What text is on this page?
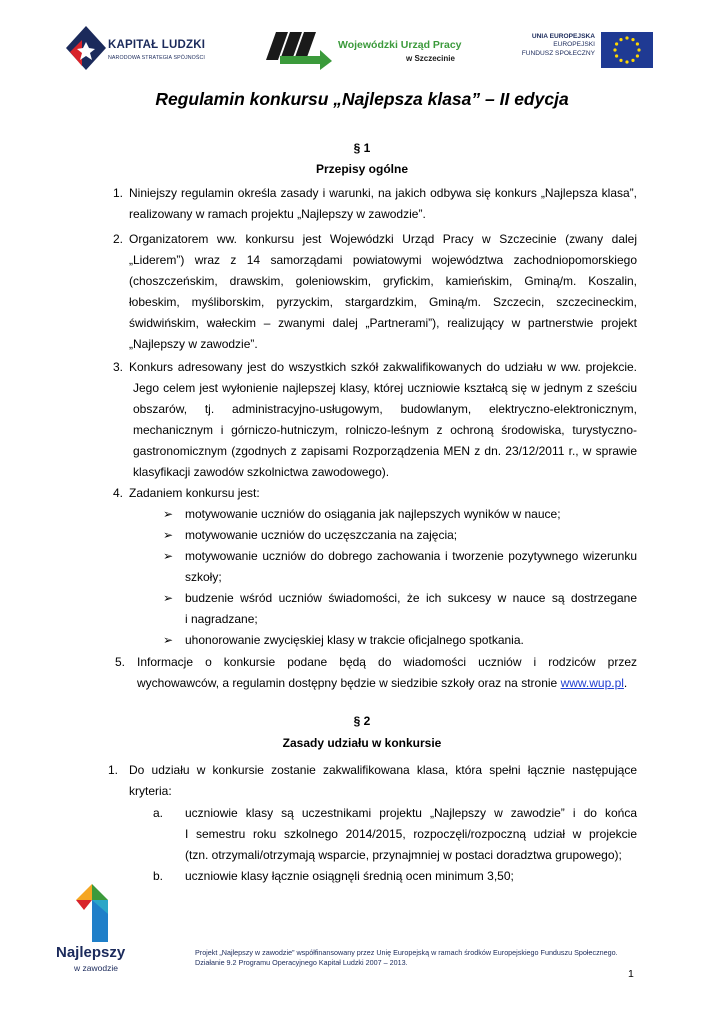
KAPITAŁ LUDZKI
NARODOWA STRATEGIA SPÓJNOŚCI
Wojewódzki Urząd Pracy
w Szczecinie
UNIA EUROPEJSKA
EUROPEJSKI
FUNDUSZ SPOŁECZNY
Regulamin konkursu „Najlepsza klasa” – II edycja
§ 1
Przepisy ogólne
1. Niniejszy regulamin określa zasady i warunki, na jakich odbywa się konkurs „Najlepsza klasa”,
realizowany w ramach projektu „Najlepszy w zawodzie”.
2. Organizatorem ww. konkursu jest Wojewódzki Urząd Pracy w Szczecinie (zwany dalej
„Liderem”) wraz z 14 samorządami powiatowymi województwa zachodniopomorskiego
(choszczeńskim, drawskim, goleniowskim, gryfickim, kamieńskim, Gminą/m. Koszalin,
łobeskim, myśliborskim, pyrzyckim, stargardzkim, Gminą/m. Szczecin, szczecineckim,
świdwińskim, wałeckim – zwanymi dalej „Partnerami”), realizujący w partnerstwie projekt
„Najlepszy w zawodzie”.
3. Konkurs adresowany jest do wszystkich szkół zakwalifikowanych do udziału w ww. projekcie.
Jego celem jest wyłonienie najlepszej klasy, której uczniowie kształcą się w jednym z sześciu
obszarów, tj. administracyjno-usługowym, budowlanym, elektryczno-elektronicznym,
mechanicznym i górniczo-hutniczym, rolniczo-leśnym z ochroną środowiska, turystyczno-
gastronomicznym (zgodnych z zapisami Rozporządzenia MEN z dn. 23/12/2011 r., w sprawie
klasyfikacji zawodów szkolnictwa zawodowego).
4. Zadaniem konkursu jest:
➢ motywowanie uczniów do osiągania jak najlepszych wyników w nauce;
➢ motywowanie uczniów do uczęszczania na zajęcia;
➢ motywowanie uczniów do dobrego zachowania i tworzenie pozytywnego wizerunku
szkoły;
➢ budzenie wśród uczniów świadomości, że ich sukcesy w nauce są dostrzegane
i nagradzane;
➢ uhonorowanie zwycięskiej klasy w trakcie oficjalnego spotkania.
5. Informacje o konkursie podane będą do wiadomości uczniów i rodziców przez
wychowawców, a regulamin dostępny będzie w siedzibie szkoły oraz na stronie www.wup.pl.
§ 2
Zasady udziału w konkursie
1. Do udziału w konkursie zostanie zakwalifikowana klasa, która spełni łącznie następujące
kryteria:
a. uczniowie klasy są uczestnikami projektu „Najlepszy w zawodzie” i do końca
I semestru roku szkolnego 2014/2015, rozpoczęli/rozpoczną udział w projekcie
(tzn. otrzymali/otrzymają wsparcie, przynajmniej w postaci doradztwa grupowego);
b. uczniowie klasy łącznie osiągnęli średnią ocen minimum 3,50;
Najlepszy
w zawodzie
Projekt „Najlepszy w zawodzie” współfinansowany przez Unię Europejską w ramach środków Europejskiego Funduszu Społecznego.
Działanie 9.2 Programu Operacyjnego Kapitał Ludzki 2007 – 2013.
1
